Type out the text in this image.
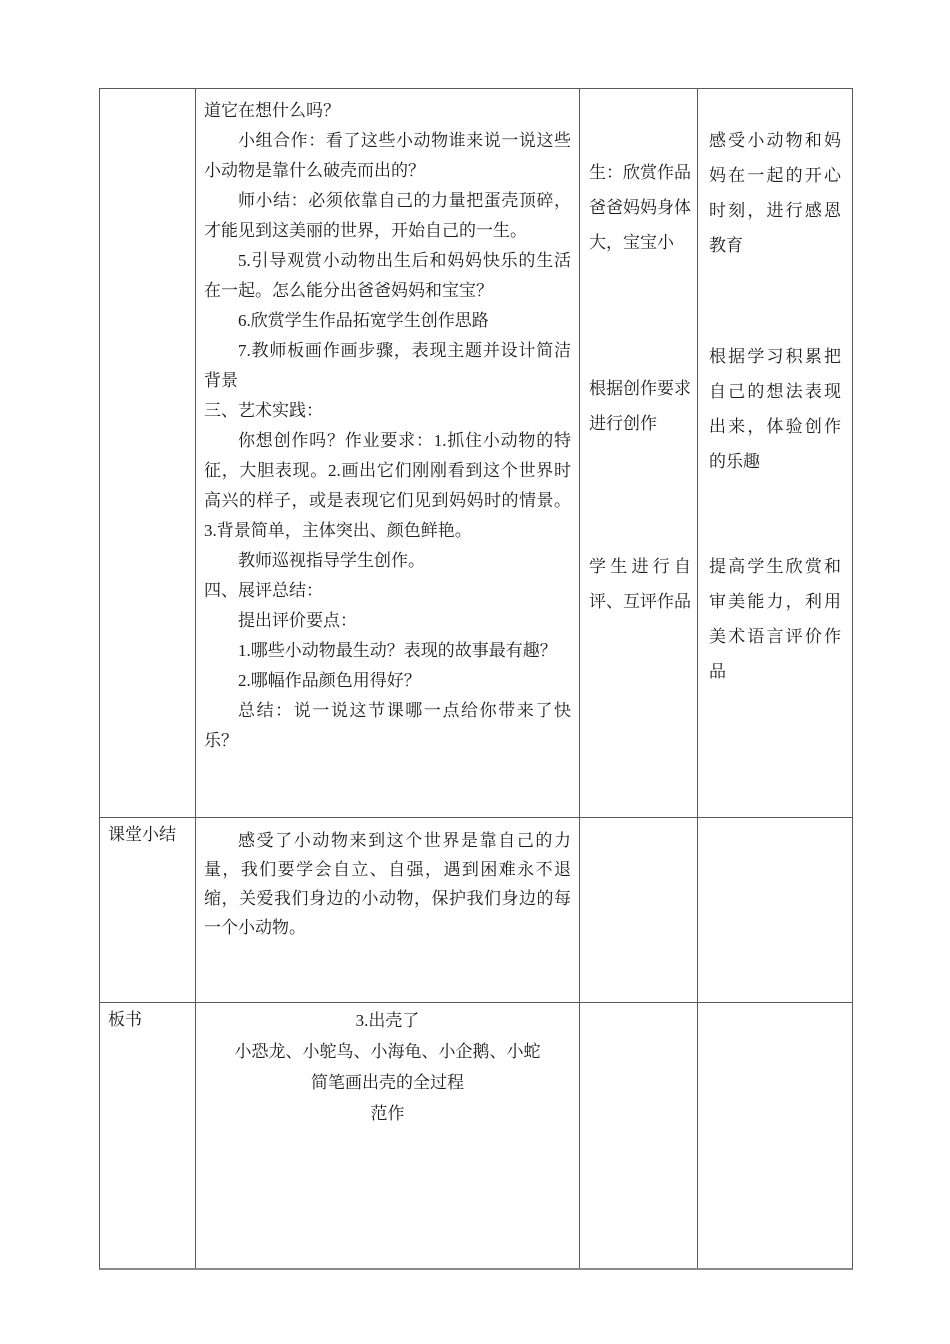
道它在想什么吗？

小组合作：看了这些小动物谁来说一说这些小动物是靠什么破壳而出的？

师小结：必须依靠自己的力量把蛋壳顶碎，才能见到这美丽的世界，开始自己的一生。

5.引导观赏小动物出生后和妈妈快乐的生活在一起。怎么能分出爸爸妈妈和宝宝？

6.欣赏学生作品拓宽学生创作思路

7.教师板画作画步骤，表现主题并设计简洁背景

三、艺术实践：

你想创作吗？作业要求：1.抓住小动物的特征，大胆表现。2.画出它们刚刚看到这个世界时高兴的样子，或是表现它们见到妈妈时的情景。3.背景简单，主体突出、颜色鲜艳。

教师巡视指导学生创作。

四、展评总结：

提出评价要点：

1.哪些小动物最生动？表现的故事最有趣？

2.哪幅作品颜色用得好？

总结：说一说这节课哪一点给你带来了快乐？

生：欣赏作品爸爸妈妈身体大，宝宝小
根据创作要求进行创作
学生进行自评、互评作品
感受小动物和妈妈在一起的开心时刻，进行感恩教育
根据学习积累把自己的想法表现出来，体验创作的乐趣
提高学生欣赏和审美能力，利用美术语言评价作品
课堂小结	感受了小动物来到这个世界是靠自己的力量，我们要学会自立、自强，遇到困难永不退缩，关爱我们身边的小动物，保护我们身边的每一个小动物。

板书	3.出壳了
小恐龙、小鸵鸟、小海龟、小企鹅、小蛇
简笔画出壳的全过程
范作
